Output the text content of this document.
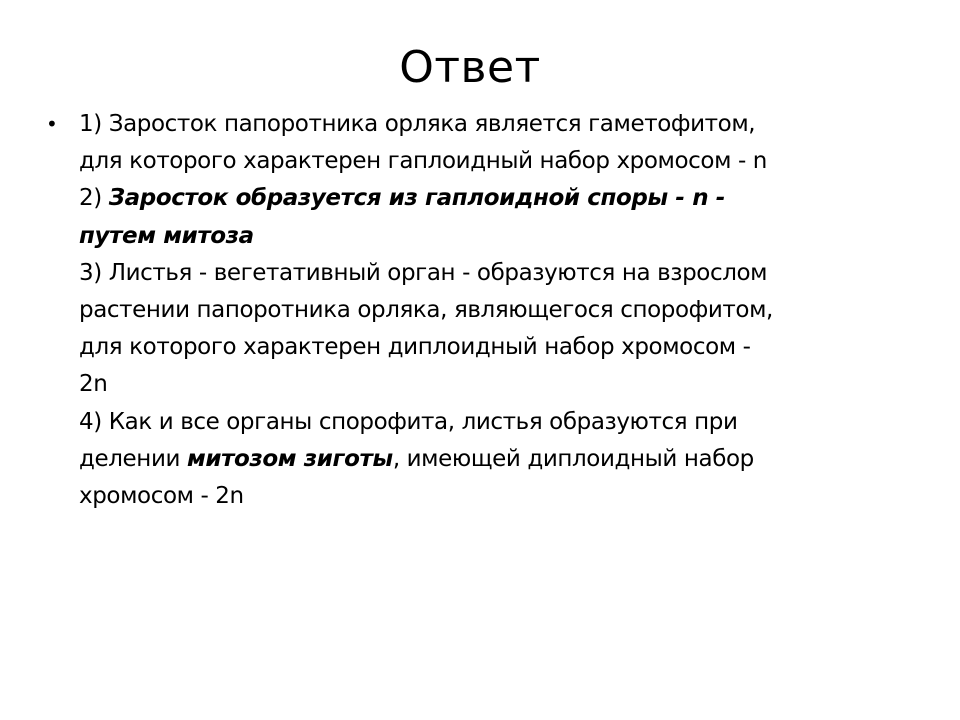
Ответ
• 1) Заросток папоротника орляка является гаметофитом,
для которого характерен гаплоидный набор хромосом - n
2) Заросток образуется из гаплоидной споры - n -
путем митоза
3) Листья - вегетативный орган - образуются на взрослом
растении папоротника орляка, являющегося спорофитом,
для которого характерен диплоидный набор хромосом -
2n
4) Как и все органы спорофита, листья образуются при
делении митозом зиготы, имеющей диплоидный набор
хромосом - 2n
